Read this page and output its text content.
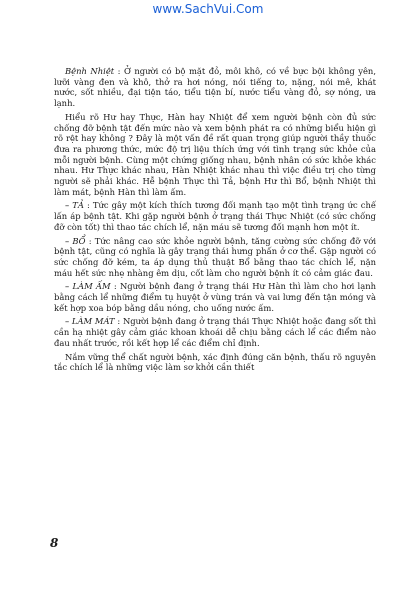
www.SachVui.Com

Bệnh Nhiệt : Ở người có bộ mặt đỏ, môi khô, có về bực bội không yên, lưỡi vàng đen và khô, thở ra hơi nóng, nói tiếng to, nặng, nói mê, khát nước, sốt nhiều, đại tiện táo, tiểu tiện bí, nước tiểu vàng đỏ, sợ nóng, ưa lạnh.

Hiểu rõ Hư hay Thực, Hàn hay Nhiệt để xem người bệnh còn đủ sức chống đỡ bệnh tật đến mức nào và xem bệnh phát ra có những biểu hiện gì rõ rệt hay không ? Đây là một vấn đề rất quan trọng giúp người thầy thuốc đưa ra phương thức, mức độ trị liệu thích ứng với tình trạng sức khỏe của mỗi người bệnh. Cùng một chứng giống nhau, bệnh nhân có sức khỏe khác nhau. Hư Thực khác nhau, Hàn Nhiệt khác nhau thì việc điều trị cho từng người sẽ phải khác. Hễ bệnh Thực thì Tả, bệnh Hư thì Bổ, bệnh Nhiệt thì làm mát, bệnh Hàn thì làm ấm.

– TẢ : Tức gây một kích thích tương đối mạnh tạo một tình trạng ức chế lấn áp bệnh tật. Khi gặp người bệnh ở trạng thái Thực Nhiệt (có sức chống đỡ còn tốt) thì thao tác chích lể, nặn máu sẽ tương đối mạnh hơn một ít.

– BỔ : Tức nâng cao sức khỏe người bệnh, tăng cường sức chống đỡ với bệnh tật, cũng có nghĩa là gây trạng thái hưng phấn ở cơ thể. Gặp người có sức chống đỡ kém, ta áp dụng thủ thuật Bổ bằng thao tác chích lể, nặn máu hết sức nhẹ nhàng êm dịu, cốt làm cho người bệnh ít có cảm giác đau.

– LÀM ẤM : Người bệnh đang ở trạng thái Hư Hàn thì làm cho hơi lạnh bằng cách lể những điểm tụ huyệt ở vùng trán và vai lưng đến tận móng và kết hợp xoa bóp bằng dầu nóng, cho uống nước ấm.

– LÀM MÁT : Người bệnh đang ở trạng thái Thực Nhiệt hoặc đang sốt thì cần hạ nhiệt gây cảm giác khoan khoái dễ chịu bằng cách lể các điểm nào đau nhất trước, rồi kết hợp lể các điểm chỉ định.

Nắm vững thể chất người bệnh, xác định đúng căn bệnh, thấu rõ nguyên tắc chích lể là những việc làm sơ khởi cần thiết

8
